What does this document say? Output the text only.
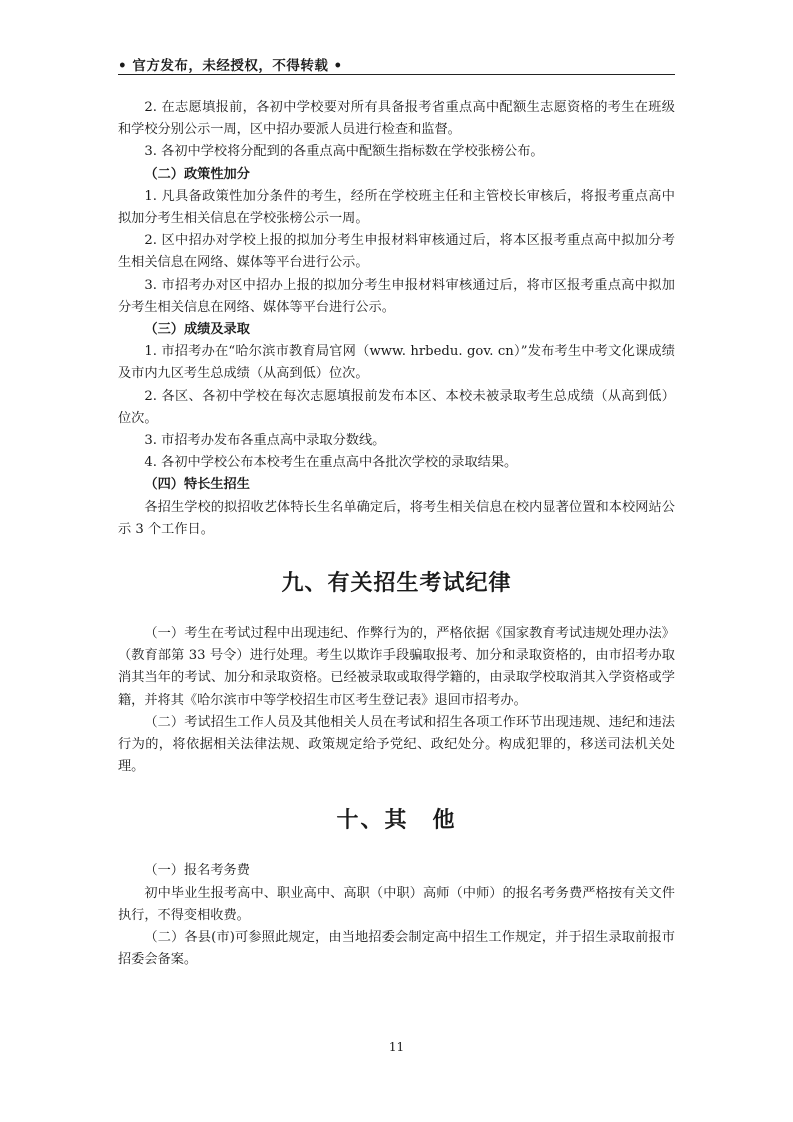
• 官方发布，未经授权，不得转载 •

2. 在志愿填报前，各初中学校要对所有具备报考省重点高中配额生志愿资格的考生在班级和学校分别公示一周，区中招办要派人员进行检查和监督。

3. 各初中学校将分配到的各重点高中配额生指标数在学校张榜公布。

（二）政策性加分

1. 凡具备政策性加分条件的考生，经所在学校班主任和主管校长审核后，将报考重点高中拟加分考生相关信息在学校张榜公示一周。

2. 区中招办对学校上报的拟加分考生申报材料审核通过后，将本区报考重点高中拟加分考生相关信息在网络、媒体等平台进行公示。

3. 市招考办对区中招办上报的拟加分考生申报材料审核通过后，将市区报考重点高中拟加分考生相关信息在网络、媒体等平台进行公示。

（三）成绩及录取

1. 市招考办在“哈尔滨市教育局官网（www. hrbedu. gov. cn）”发布考生中考文化课成绩及市内九区考生总成绩（从高到低）位次。

2. 各区、各初中学校在每次志愿填报前发布本区、本校未被录取考生总成绩（从高到低）位次。

3. 市招考办发布各重点高中录取分数线。

4. 各初中学校公布本校考生在重点高中各批次学校的录取结果。

（四）特长生招生

各招生学校的拟招收艺体特长生名单确定后，将考生相关信息在校内显著位置和本校网站公示 3 个工作日。

九、有关招生考试纪律

（一）考生在考试过程中出现违纪、作弊行为的，严格依据《国家教育考试违规处理办法》（教育部第 33 号令）进行处理。考生以欺诈手段骗取报考、加分和录取资格的，由市招考办取消其当年的考试、加分和录取资格。已经被录取或取得学籍的，由录取学校取消其入学资格或学籍，并将其《哈尔滨市中等学校招生市区考生登记表》退回市招考办。

（二）考试招生工作人员及其他相关人员在考试和招生各项工作环节出现违规、违纪和违法行为的，将依据相关法律法规、政策规定给予党纪、政纪处分。构成犯罪的，移送司法机关处理。

十、其　他

（一）报名考务费

初中毕业生报考高中、职业高中、高职（中职）高师（中师）的报名考务费严格按有关文件执行，不得变相收费。

（二）各县(市)可参照此规定，由当地招委会制定高中招生工作规定，并于招生录取前报市招委会备案。

11
